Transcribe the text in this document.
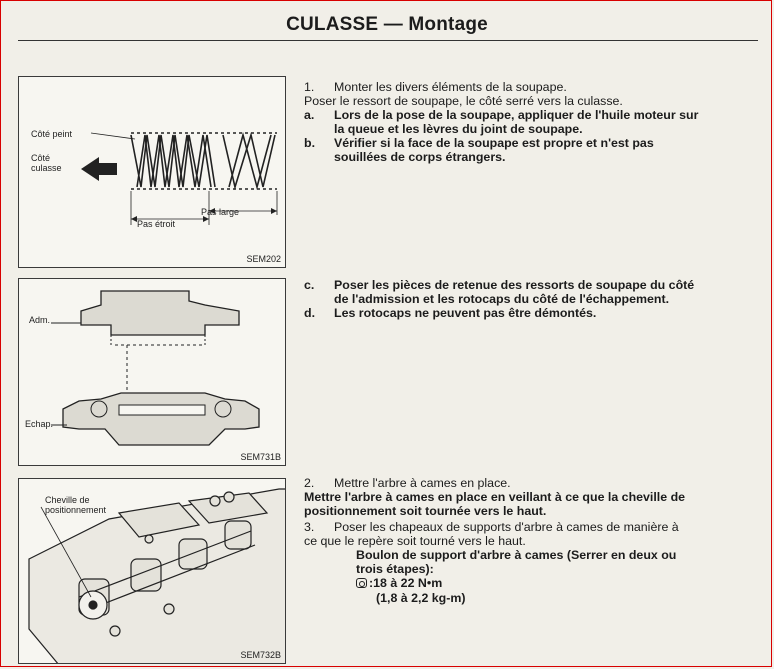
CULASSE — Montage
Côté peint
Côté
culasse
Pas large
Pas étroit
SEM202
Adm.
Echap.
SEM731B
Cheville de
positionnement
SEM732B
1.	Monter les divers éléments de la soupape.
Poser le ressort de soupape, le côté serré vers la culasse.
a.	Lors de la pose de la soupape, appliquer de l'huile moteur sur
la queue et les lèvres du joint de soupape.
b.	Vérifier si la face de la soupape est propre et n'est pas
souillées de corps étrangers.
c.	Poser les pièces de retenue des ressorts de soupape du côté
de l'admission et les rotocaps du côté de l'échappement.
d.	Les rotocaps ne peuvent pas être démontés.
2.	Mettre l'arbre à cames en place.
Mettre l'arbre à cames en place en veillant à ce que la cheville de
positionnement soit tournée vers le haut.
3.	Poser les chapeaux de supports d'arbre à cames de manière à
ce que le repère soit tourné vers le haut.
Boulon de support d'arbre à cames (Serrer en deux ou
trois étapes):
:18 à 22 N•m
(1,8 à 2,2 kg-m)
